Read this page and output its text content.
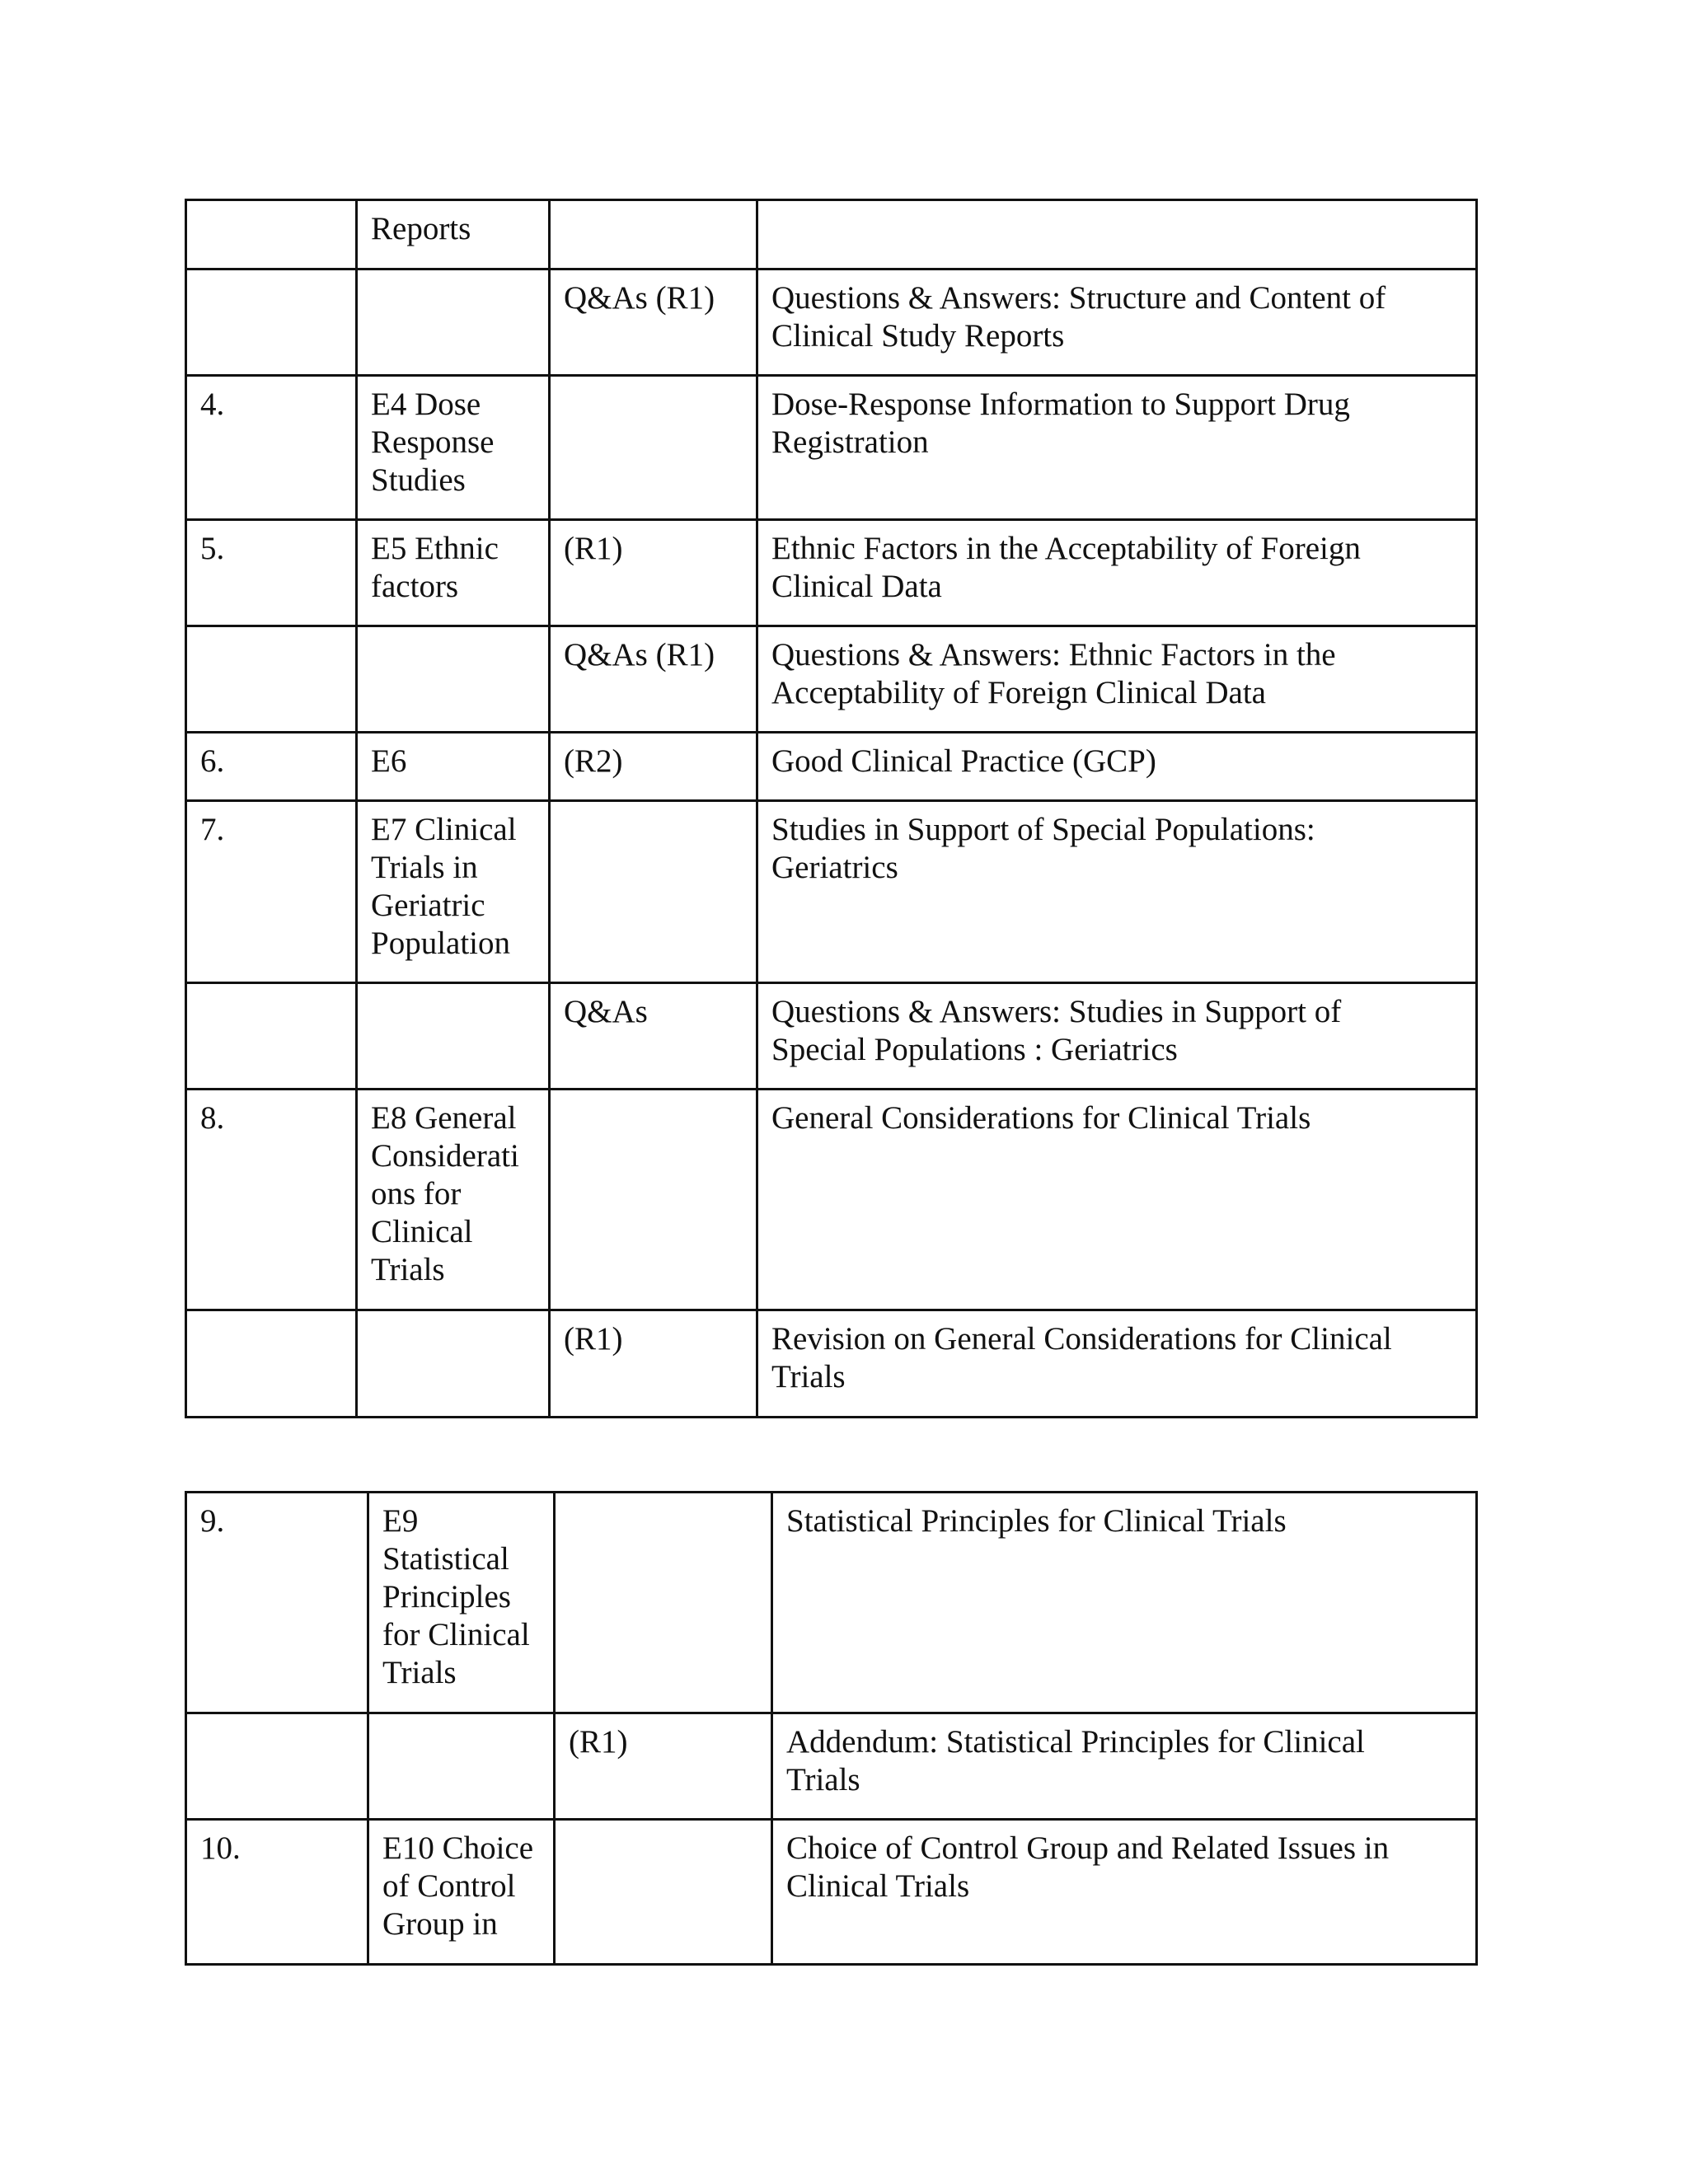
	Reports		

		Q&As (R1)	Questions & Answers: Structure and Content of
Clinical Study Reports

4.	E4 Dose
Response
Studies		Dose-Response Information to Support Drug
Registration

5.	E5 Ethnic
factors	(R1)	Ethnic Factors in the Acceptability of Foreign
Clinical Data

		Q&As (R1)	Questions & Answers: Ethnic Factors in the
Acceptability of Foreign Clinical Data

6.	E6	(R2)	Good Clinical Practice (GCP)

7.	E7 Clinical
Trials in
Geriatric
Population		Studies in Support of Special Populations:
Geriatrics

		Q&As	Questions & Answers: Studies in Support of
Special Populations : Geriatrics

8.	E8 General
Considerati
ons for
Clinical
Trials		General Considerations for Clinical Trials

		(R1)	Revision on General Considerations for Clinical
Trials
9.	E9
Statistical
Principles
for Clinical
Trials		Statistical Principles for Clinical Trials

		(R1)	Addendum: Statistical Principles for Clinical
Trials

10.	E10 Choice
of Control
Group in		Choice of Control Group and Related Issues in
Clinical Trials
